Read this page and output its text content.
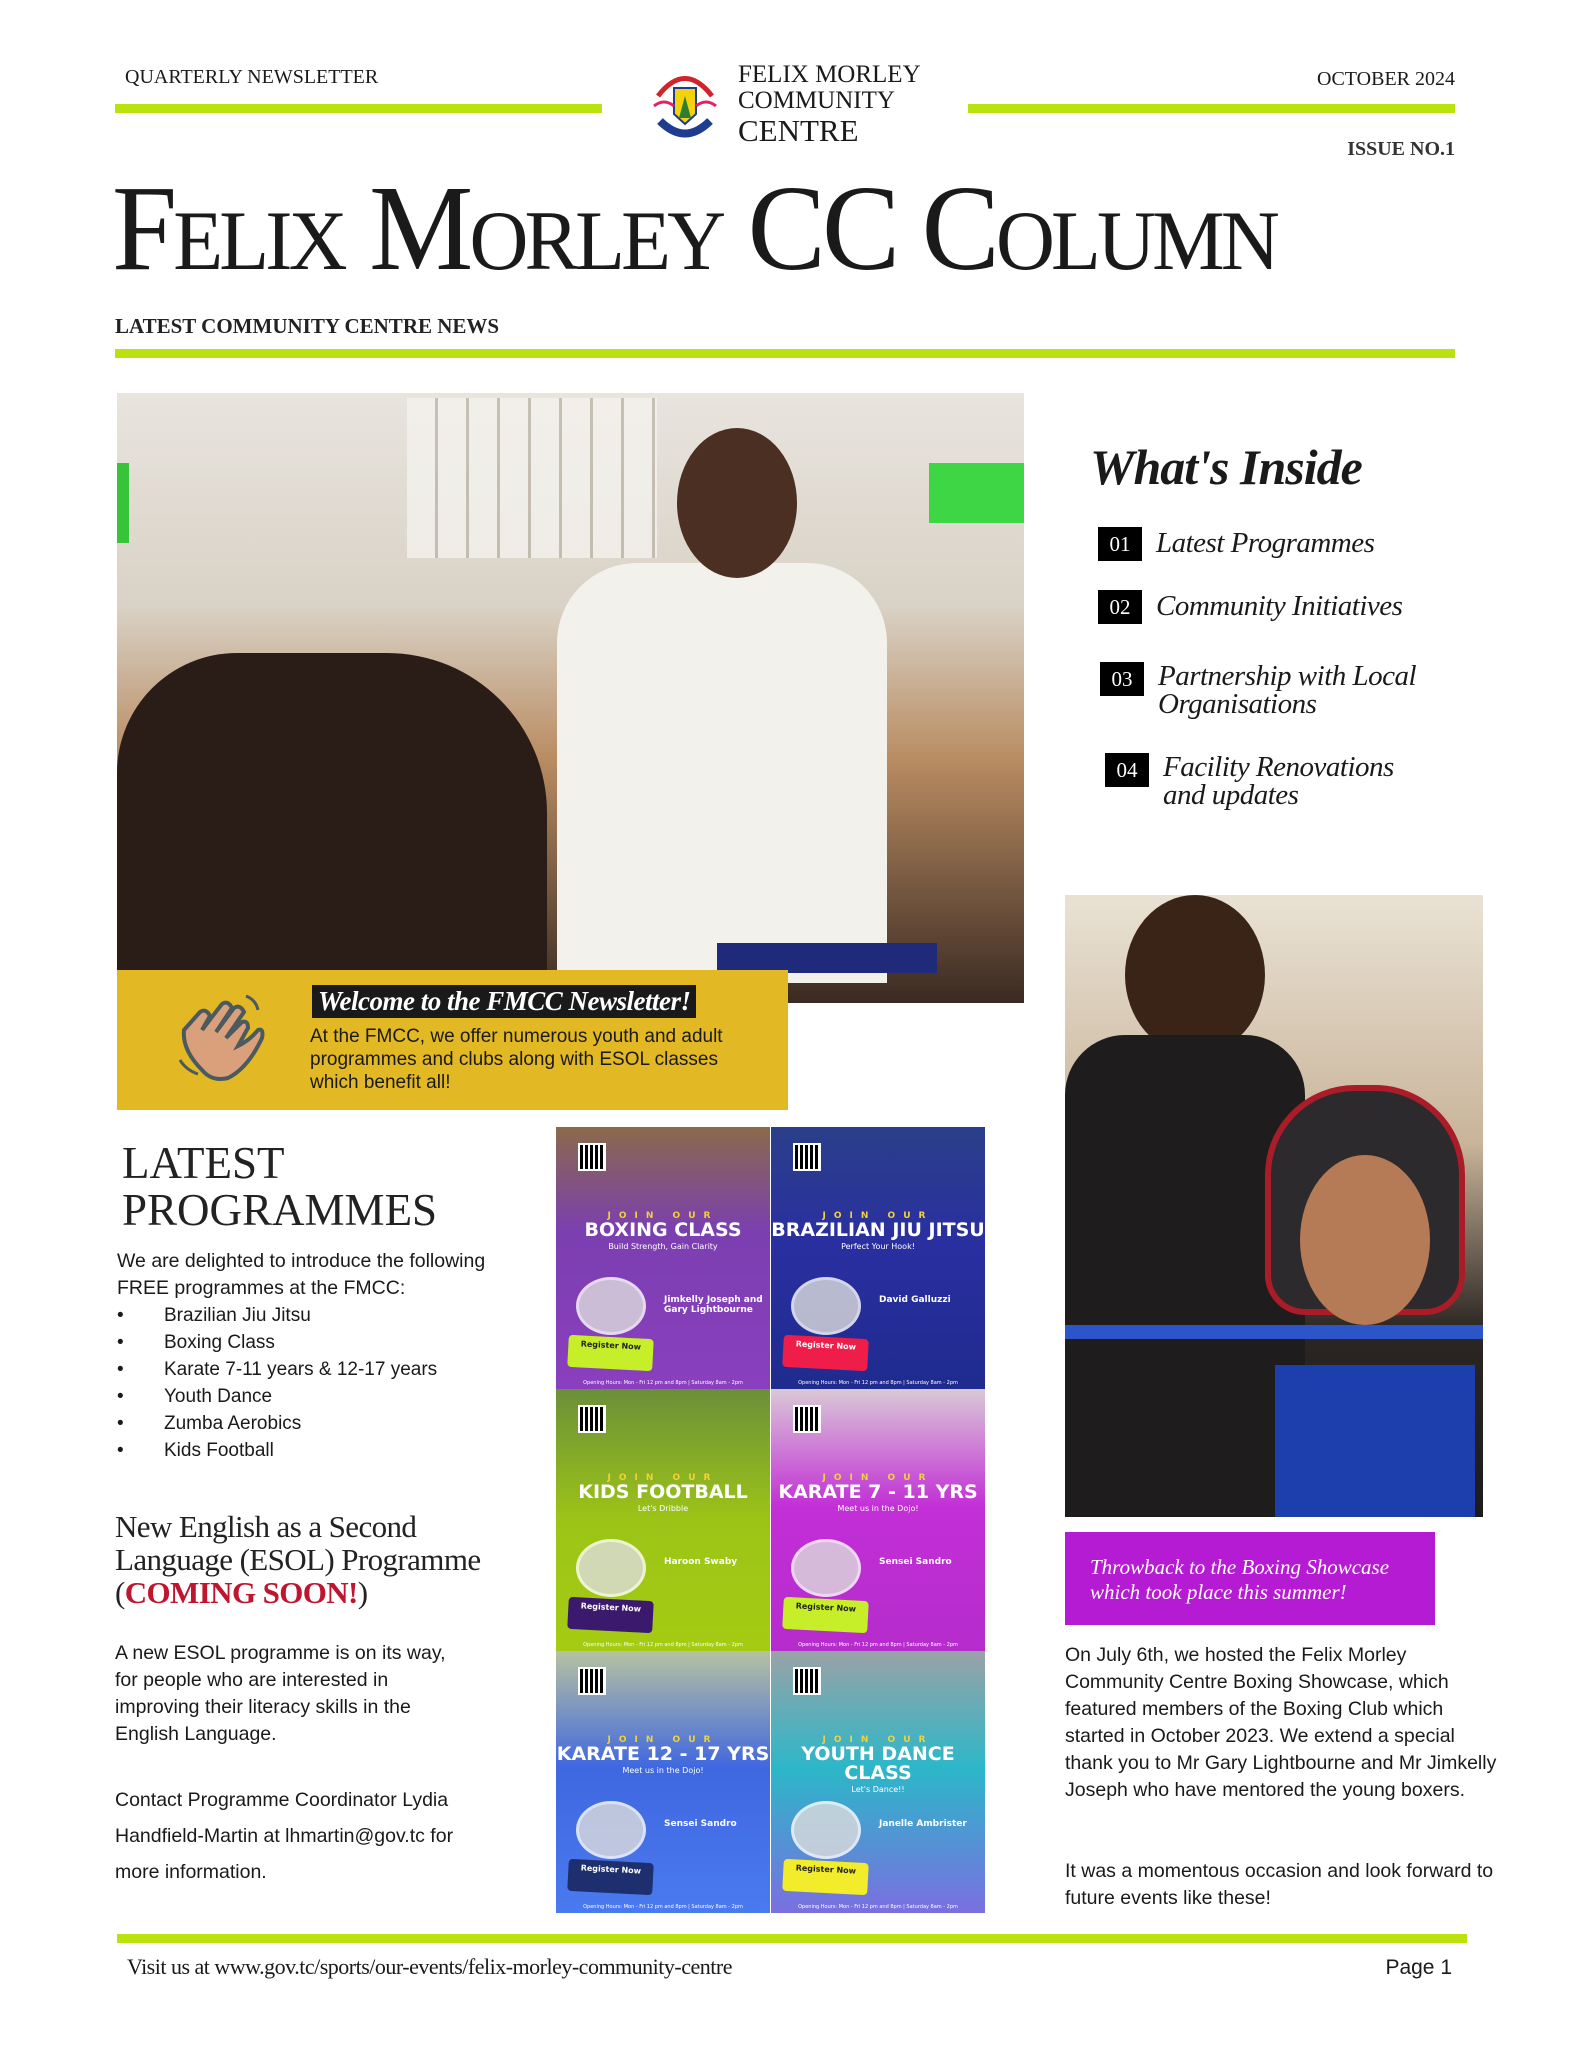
QUARTERLY NEWSLETTER	FELIX MORLEY
COMMUNITY
CENTRE
OCTOBER 2024
ISSUE NO.1
Felix Morley CC Column
LATEST COMMUNITY CENTRE NEWS
Welcome to the FMCC Newsletter!
At the FMCC, we offer numerous youth and adult programmes and clubs along with ESOL classes which benefit all!
What's Inside
01 Latest Programmes
02 Community Initiatives
03 Partnership with Local Organisations
04 Facility Renovations and updates
Throwback to the Boxing Showcase which took place this summer!
On July 6th, we hosted the Felix Morley Community Centre Boxing Showcase, which featured members of the Boxing Club which started in October 2023. We extend a special thank you to Mr Gary Lightbourne and Mr Jimkelly Joseph who have mentored the young boxers.
It was a momentous occasion and look forward to future events like these!
LATEST
PROGRAMMES
We are delighted to introduce the following FREE programmes at the FMCC:
•	Brazilian Jiu Jitsu
•	Boxing Class
•	Karate 7-11 years & 12-17 years
•	Youth Dance
•	Zumba Aerobics
•	Kids Football
New English as a Second Language (ESOL) Programme (COMING SOON!)
A new ESOL programme is on its way, for people who are interested in improving their literacy skills in the English Language.
Contact Programme Coordinator Lydia Handfield-Martin at lhmartin@gov.tc for more information.
JOIN OUR
BOXING CLASS
Build Strength, Gain Clarity
Jimkelly Joseph and Gary Lightbourne
Register Now
Opening Hours: Mon - Fri 12 pm and 8pm | Saturday 8am - 2pm
JOIN OUR
BRAZILIAN JIU JITSU
Perfect Your Hook!
David Galluzzi
Register Now
Opening Hours: Mon - Fri 12 pm and 8pm | Saturday 8am - 2pm
JOIN OUR
KIDS FOOTBALL
Let's Dribble
Haroon Swaby
Register Now
Opening Hours: Mon - Fri 12 pm and 8pm | Saturday 8am - 2pm
JOIN OUR
KARATE 7 - 11 YRS
Meet us in the Dojo!
Sensei Sandro
Register Now
Opening Hours: Mon - Fri 12 pm and 8pm | Saturday 8am - 2pm
JOIN OUR
KARATE 12 - 17 YRS
Meet us in the Dojo!
Sensei Sandro
Register Now
Opening Hours: Mon - Fri 12 pm and 8pm | Saturday 8am - 2pm
JOIN OUR
YOUTH DANCE CLASS
Let's Dance!!
Janelle Ambrister
Register Now
Opening Hours: Mon - Fri 12 pm and 8pm | Saturday 8am - 2pm
Visit us at www.gov.tc/sports/our-events/felix-morley-community-centre	Page 1
